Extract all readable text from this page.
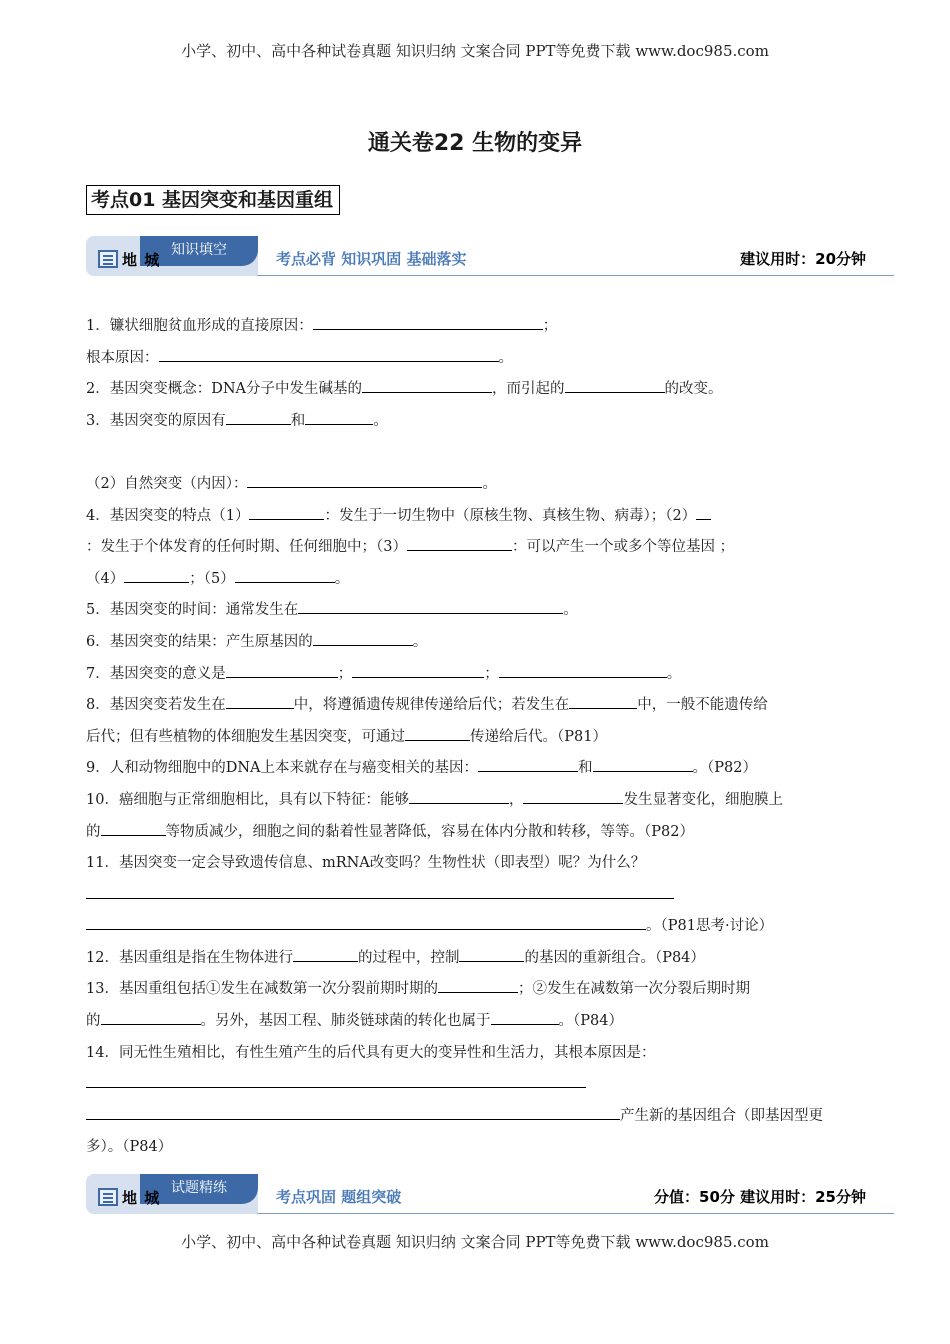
小学、初中、高中各种试卷真题 知识归纳 文案合同 PPT等免费下载 www.doc985.com
通关卷22 生物的变异
考点01 基因突变和基因重组
知识填空
地 城	考点必背 知识巩固 基础落实	建议用时：20分钟

1．镰状细胞贫血形成的直接原因：	；

根本原因：	。

2．基因突变概念：DNA分子中发生碱基的	，而引起的	的改变。

3．基因突变的原因有	和	。

（2）自然突变（内因）：	。

4．基因突变的特点（1）	：发生于一切生物中（原核生物、真核生物、病毒）；（2）

：发生于个体发育的任何时期、任何细胞中；（3）	：可以产生一个或多个等位基因 ；

（4）	；（5）	。

5．基因突变的时间：通常发生在	。

6．基因突变的结果：产生原基因的	。

7．基因突变的意义是	；	；	。

8．基因突变若发生在	中，将遵循遗传规律传递给后代；若发生在	中，一般不能遗传给

后代；但有些植物的体细胞发生基因突变，可通过	传递给后代。（P81）

9．人和动物细胞中的DNA上本来就存在与癌变相关的基因：	和	。（P82）

10．癌细胞与正常细胞相比，具有以下特征：能够	，	发生显著变化，细胞膜上

的	等物质减少，细胞之间的黏着性显著降低，容易在体内分散和转移，等等。（P82）

11．基因突变一定会导致遗传信息、mRNA改变吗？生物性状（即表型）呢？为什么？

。（P81思考·讨论）

12．基因重组是指在生物体进行	的过程中，控制	的基因的重新组合。（P84）

13．基因重组包括①发生在减数第一次分裂前期时期的	；②发生在减数第一次分裂后期时期

的	。另外，基因工程、肺炎链球菌的转化也属于	。（P84）

14．同无性生殖相比，有性生殖产生的后代具有更大的变异性和生活力，其根本原因是：

产生新的基因组合（即基因型更

多）。（P84）

试题精练
地 城	考点巩固 题组突破	分值：50分 建议用时：25分钟
小学、初中、高中各种试卷真题 知识归纳 文案合同 PPT等免费下载 www.doc985.com
